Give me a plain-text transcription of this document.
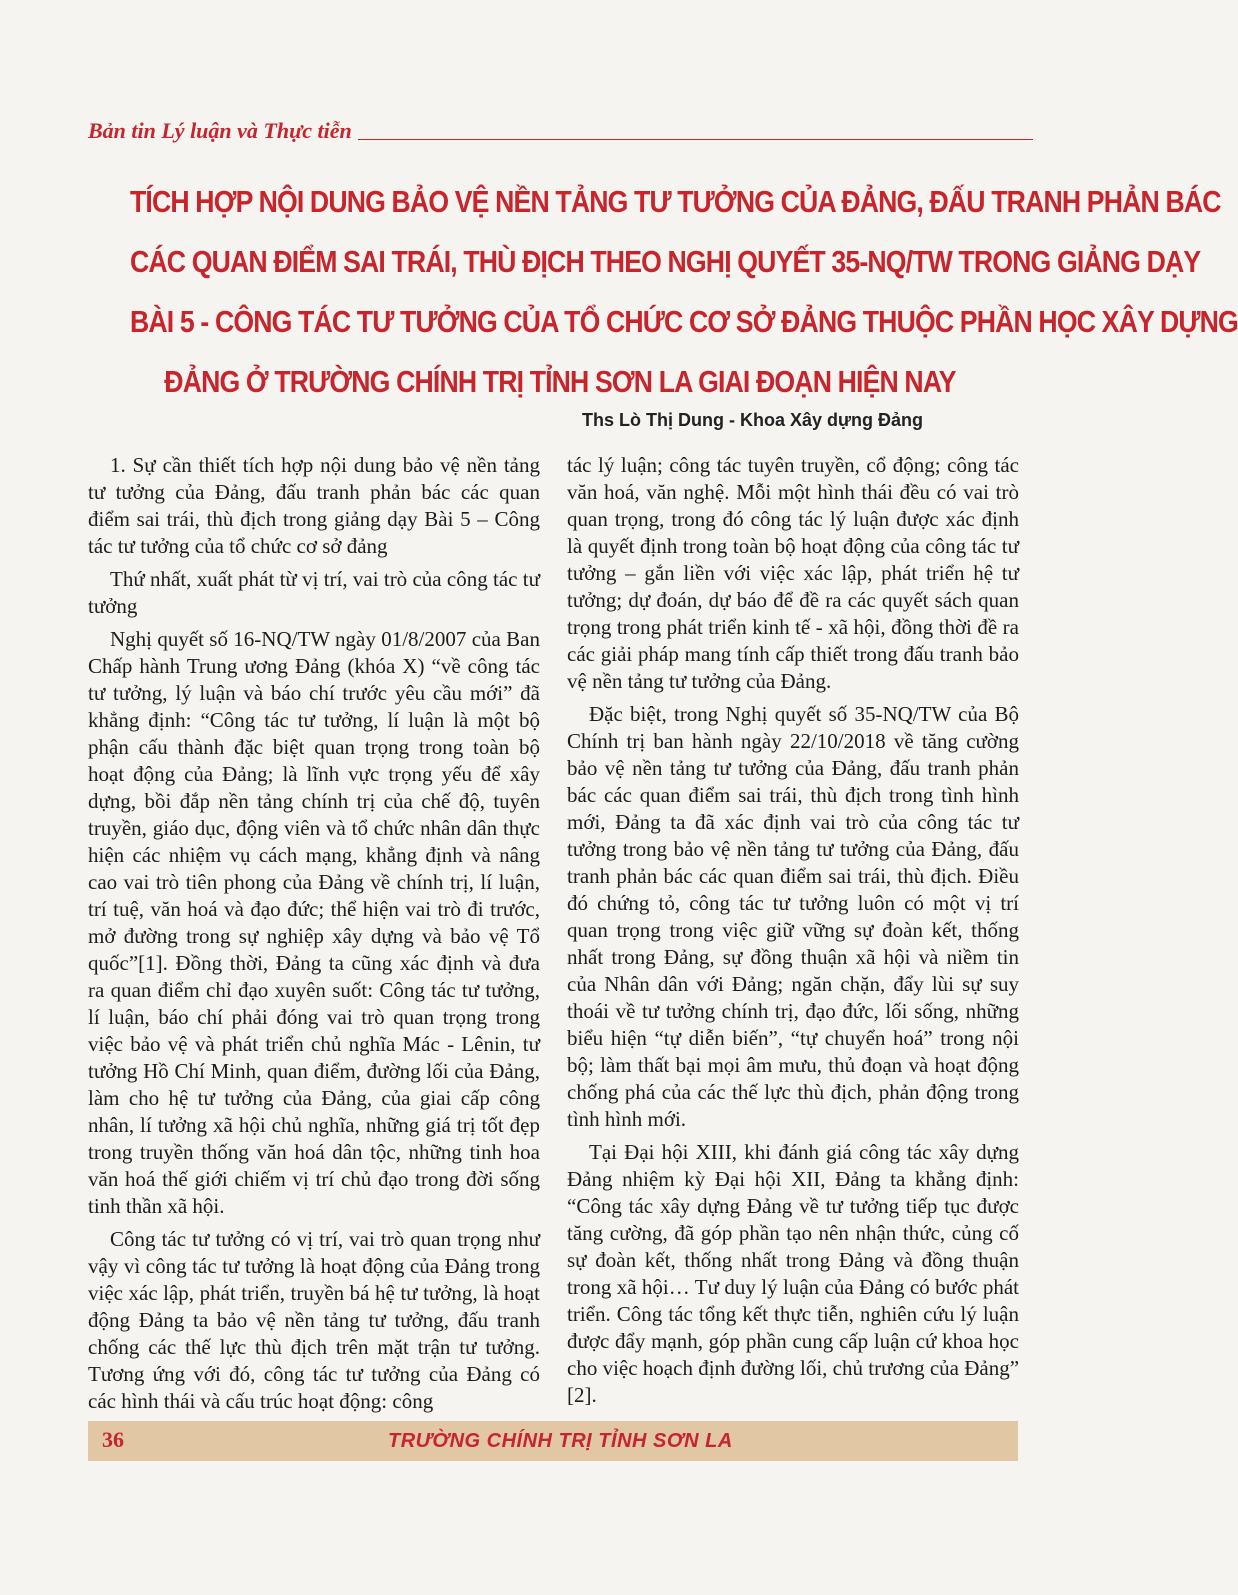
Bản tin Lý luận và Thực tiễn
TÍCH HỢP NỘI DUNG BẢO VỆ NỀN TẢNG TƯ TƯỞNG CỦA ĐẢNG, ĐẤU TRANH PHẢN BÁC
CÁC QUAN ĐIỂM SAI TRÁI, THÙ ĐỊCH THEO NGHỊ QUYẾT 35-NQ/TW TRONG GIẢNG DẠY
BÀI 5 - CÔNG TÁC TƯ TƯỞNG CỦA TỔ CHỨC CƠ SỞ ĐẢNG THUỘC PHẦN HỌC XÂY DỰNG
ĐẢNG Ở TRƯỜNG CHÍNH TRỊ TỈNH SƠN LA GIAI ĐOẠN HIỆN NAY
Ths Lò Thị Dung - Khoa Xây dựng Đảng

1. Sự cần thiết tích hợp nội dung bảo vệ nền tảng tư tưởng của Đảng, đấu tranh phản bác các quan điểm sai trái, thù địch trong giảng dạy Bài 5 – Công tác tư tưởng của tổ chức cơ sở đảng

Thứ nhất, xuất phát từ vị trí, vai trò của công tác tư tưởng

Nghị quyết số 16-NQ/TW ngày 01/8/2007 của Ban Chấp hành Trung ương Đảng (khóa X) “về công tác tư tưởng, lý luận và báo chí trước yêu cầu mới” đã khẳng định: “Công tác tư tưởng, lí luận là một bộ phận cấu thành đặc biệt quan trọng trong toàn bộ hoạt động của Đảng; là lĩnh vực trọng yếu để xây dựng, bồi đắp nền tảng chính trị của chế độ, tuyên truyền, giáo dục, động viên và tổ chức nhân dân thực hiện các nhiệm vụ cách mạng, khẳng định và nâng cao vai trò tiên phong của Đảng về chính trị, lí luận, trí tuệ, văn hoá và đạo đức; thể hiện vai trò đi trước, mở đường trong sự nghiệp xây dựng và bảo vệ Tổ quốc”[1]. Đồng thời, Đảng ta cũng xác định và đưa ra quan điểm chỉ đạo xuyên suốt: Công tác tư tưởng, lí luận, báo chí phải đóng vai trò quan trọng trong việc bảo vệ và phát triển chủ nghĩa Mác - Lênin, tư tưởng Hồ Chí Minh, quan điểm, đường lối của Đảng, làm cho hệ tư tưởng của Đảng, của giai cấp công nhân, lí tưởng xã hội chủ nghĩa, những giá trị tốt đẹp trong truyền thống văn hoá dân tộc, những tinh hoa văn hoá thế giới chiếm vị trí chủ đạo trong đời sống tinh thần xã hội.

Công tác tư tưởng có vị trí, vai trò quan trọng như vậy vì công tác tư tưởng là hoạt động của Đảng trong việc xác lập, phát triển, truyền bá hệ tư tưởng, là hoạt động Đảng ta bảo vệ nền tảng tư tưởng, đấu tranh chống các thế lực thù địch trên mặt trận tư tưởng. Tương ứng với đó, công tác tư tưởng của Đảng có các hình thái và cấu trúc hoạt động: công

tác lý luận; công tác tuyên truyền, cổ động; công tác văn hoá, văn nghệ. Mỗi một hình thái đều có vai trò quan trọng, trong đó công tác lý luận được xác định là quyết định trong toàn bộ hoạt động của công tác tư tưởng – gắn liền với việc xác lập, phát triển hệ tư tưởng; dự đoán, dự báo để đề ra các quyết sách quan trọng trong phát triển kinh tế - xã hội, đồng thời đề ra các giải pháp mang tính cấp thiết trong đấu tranh bảo vệ nền tảng tư tưởng của Đảng.

Đặc biệt, trong Nghị quyết số 35-NQ/TW của Bộ Chính trị ban hành ngày 22/10/2018 về tăng cường bảo vệ nền tảng tư tưởng của Đảng, đấu tranh phản bác các quan điểm sai trái, thù địch trong tình hình mới, Đảng ta đã xác định vai trò của công tác tư tưởng trong bảo vệ nền tảng tư tưởng của Đảng, đấu tranh phản bác các quan điểm sai trái, thù địch. Điều đó chứng tỏ, công tác tư tưởng luôn có một vị trí quan trọng trong việc giữ vững sự đoàn kết, thống nhất trong Đảng, sự đồng thuận xã hội và niềm tin của Nhân dân với Đảng; ngăn chặn, đẩy lùi sự suy thoái về tư tưởng chính trị, đạo đức, lối sống, những biểu hiện “tự diễn biến”, “tự chuyển hoá” trong nội bộ; làm thất bại mọi âm mưu, thủ đoạn và hoạt động chống phá của các thế lực thù địch, phản động trong tình hình mới.

Tại Đại hội XIII, khi đánh giá công tác xây dựng Đảng nhiệm kỳ Đại hội XII, Đảng ta khẳng định: “Công tác xây dựng Đảng về tư tưởng tiếp tục được tăng cường, đã góp phần tạo nên nhận thức, củng cố sự đoàn kết, thống nhất trong Đảng và đồng thuận trong xã hội… Tư duy lý luận của Đảng có bước phát triển. Công tác tổng kết thực tiễn, nghiên cứu lý luận được đẩy mạnh, góp phần cung cấp luận cứ khoa học cho việc hoạch định đường lối, chủ trương của Đảng” [2].

36	TRƯỜNG CHÍNH TRỊ TỈNH SƠN LA
